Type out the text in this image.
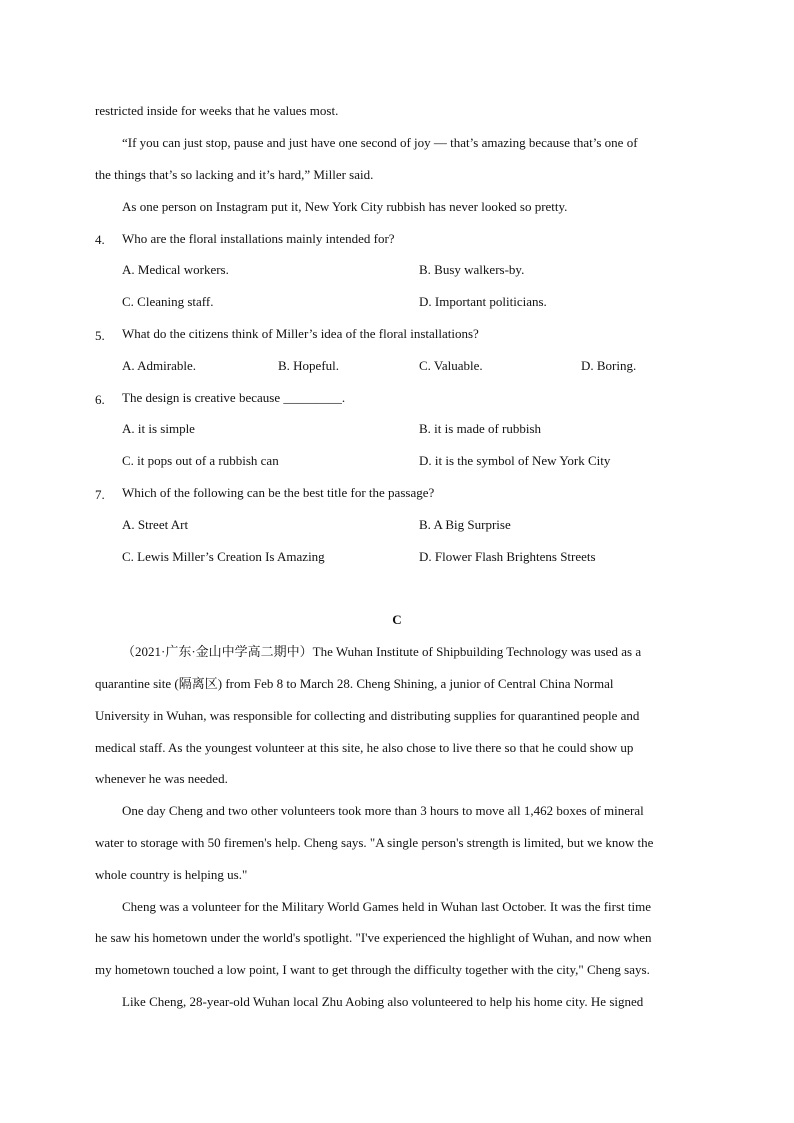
restricted inside for weeks that he values most.
“If you can just stop, pause and just have one second of joy — that’s amazing because that’s one of
the things that’s so lacking and it’s hard,” Miller said.
As one person on Instagram put it, New York City rubbish has never looked so pretty.
4. Who are the floral installations mainly intended for?
A. Medical workers.	B. Busy walkers-by.
C. Cleaning staff.	D. Important politicians.
5. What do the citizens think of Miller’s idea of the floral installations?
A. Admirable.	B. Hopeful.	C. Valuable.	D. Boring.
6. The design is creative because _________.
A. it is simple	B. it is made of rubbish
C. it pops out of a rubbish can	D. it is the symbol of New York City
7. Which of the following can be the best title for the passage?
A. Street Art	B. A Big Surprise
C. Lewis Miller’s Creation Is Amazing	D. Flower Flash Brightens Streets
C
（2021·广东·金山中学高二期中）The Wuhan Institute of Shipbuilding Technology was used as a
quarantine site (隔离区) from Feb 8 to March 28. Cheng Shining, a junior of Central China Normal
University in Wuhan, was responsible for collecting and distributing supplies for quarantined people and
medical staff. As the youngest volunteer at this site, he also chose to live there so that he could show up
whenever he was needed.
One day Cheng and two other volunteers took more than 3 hours to move all 1,462 boxes of mineral
water to storage with 50 firemen's help. Cheng says. "A single person's strength is limited, but we know the
whole country is helping us."
Cheng was a volunteer for the Military World Games held in Wuhan last October. It was the first time
he saw his hometown under the world's spotlight. "I've experienced the highlight of Wuhan, and now when
my hometown touched a low point, I want to get through the difficulty together with the city," Cheng says.
Like Cheng, 28-year-old Wuhan local Zhu Aobing also volunteered to help his home city. He signed
